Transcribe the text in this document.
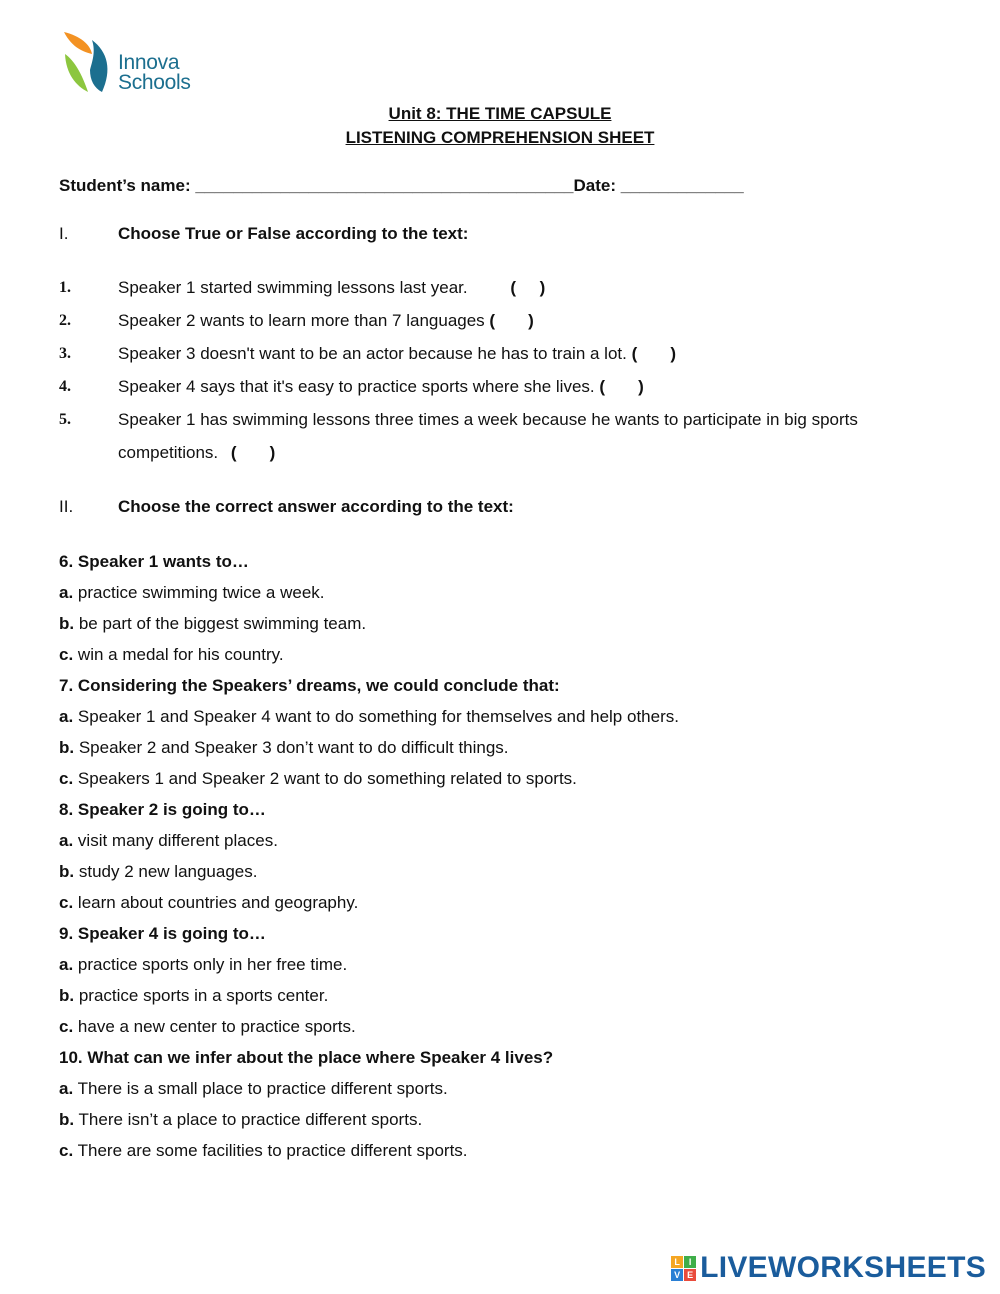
Innova
Schools
Unit 8: THE TIME CAPSULE
LISTENING COMPREHENSION SHEET
Student’s name: ________________________________________Date: _____________
I.	Choose True or False according to the text:
1.	Speaker 1 started swimming lessons last year.	(     )
2.	Speaker 2 wants to learn more than 7 languages (       )
3.	Speaker 3 doesn't want to be an actor because he has to train a lot. (       )
4.	Speaker 4 says that it's easy to practice sports where she lives. (       )
5.	Speaker 1 has swimming lessons three times a week because he wants to participate in big sports
competitions. (       )
II.	Choose the correct answer according to the text:
6. Speaker 1 wants to…
a. practice swimming twice a week.
b. be part of the biggest swimming team.
c. win a medal for his country.
7. Considering the Speakers’ dreams, we could conclude that:
a. Speaker 1 and Speaker 4 want to do something for themselves and help others.
b. Speaker 2 and Speaker 3 don’t want to do difficult things.
c. Speakers 1 and Speaker 2 want to do something related to sports.
8. Speaker 2 is going to…
a. visit many different places.
b. study 2 new languages.
c. learn about countries and geography.
9. Speaker 4 is going to…
a. practice sports only in her free time.
b. practice sports in a sports center.
c. have a new center to practice sports.
10. What can we infer about the place where Speaker 4 lives?
a. There is a small place to practice different sports.
b. There isn’t a place to practice different sports.
c. There are some facilities to practice different sports.
L I
V E LIVEWORKSHEETS
